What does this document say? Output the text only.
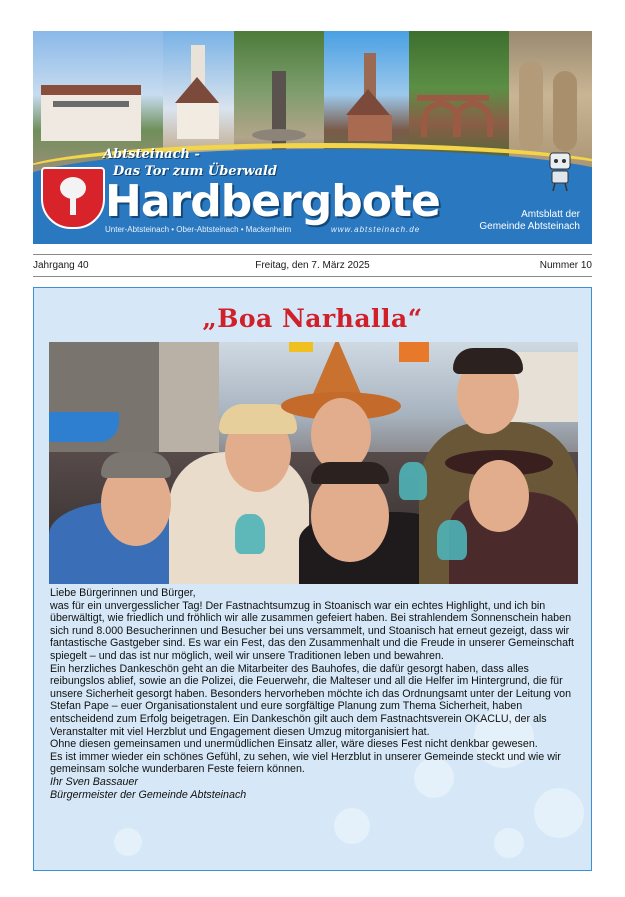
Abtsteinach -
Das Tor zum Überwald
Hardbergbote
Unter-Abtsteinach • Ober-Abtsteinach • Mackenheim	www.abtsteinach.de
Amtsblatt der
Gemeinde Abtsteinach
Freitag, den 7. März 2025
Jahrgang 40	Nummer 10
„Boa Narhalla“

Liebe Bürgerinnen und Bürger,

was für ein unvergesslicher Tag! Der Fastnachtsumzug in Stoanisch war ein echtes Highlight, und ich bin überwältigt, wie friedlich und fröhlich wir alle zusammen gefeiert haben. Bei strahlendem Sonnenschein haben sich rund 8.000 Besucherinnen und Besucher bei uns versammelt, und Stoanisch hat erneut gezeigt, dass wir fantastische Gastgeber sind. Es war ein Fest, das den Zusammenhalt und die Freude in unserer Gemeinschaft spiegelt – und das ist nur möglich, weil wir unsere Traditionen leben und bewahren.

Ein herzliches Dankeschön geht an die Mitarbeiter des Bauhofes, die dafür gesorgt haben, dass alles reibungslos ablief, sowie an die Polizei, die Feuerwehr, die Malteser und all die Helfer im Hintergrund, die für unsere Sicherheit gesorgt haben. Besonders hervorheben möchte ich das Ordnungsamt unter der Leitung von Stefan Pape – euer Organisationstalent und eure sorgfältige Planung zum Thema Sicherheit, haben entscheidend zum Erfolg beigetragen. Ein Dankeschön gilt auch dem Fastnachtsverein OKACLU, der als Veranstalter mit viel Herzblut und Engagement diesen Umzug mitorganisiert hat.

Ohne diesen gemeinsamen und unermüdlichen Einsatz aller, wäre dieses Fest nicht denkbar gewesen.

Es ist immer wieder ein schönes Gefühl, zu sehen, wie viel Herzblut in unserer Gemeinde steckt und wie wir gemeinsam solche wunderbaren Feste feiern können.

Ihr Sven Bassauer

Bürgermeister der Gemeinde Abtsteinach
